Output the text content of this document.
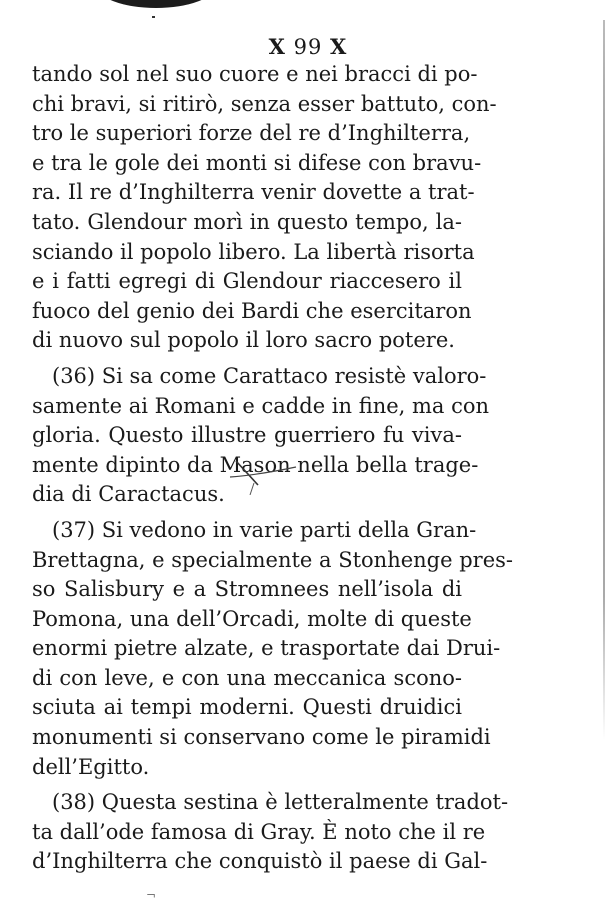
Ⅹ 99 Ⅹ
tando sol nel suo cuore e nei bracci di po-
chi bravi, si ritirò, senza esser battuto, con-
tro le superiori forze del re d’Inghilterra,
e tra le gole dei monti si difese con bravu-
ra. Il re d’Inghilterra venir dovette a trat-
tato. Glendour morì in questo tempo, la-
sciando il popolo libero. La libertà risorta
e i fatti egregi di Glendour riaccesero il
fuoco del genio dei Bardi che esercitaron
di nuovo sul popolo il loro sacro potere.
(36) Si sa come Carattaco resistè valoro-
samente ai Romani e cadde in fine, ma con
gloria. Questo illustre guerriero fu viva-
mente dipinto da Mason nella bella trage-
dia di Caractacus.
(37) Si vedono in varie parti della Gran-
Brettagna, e specialmente a Stonhenge pres-
so Salisbury e a Stromnees nell’isola di
Pomona, una dell’Orcadi, molte di queste
enormi pietre alzate, e trasportate dai Drui-
di con leve, e con una meccanica scono-
sciuta ai tempi moderni. Questi druidici
monumenti si conservano come le piramidi
dell’Egitto.
(38) Questa sestina è letteralmente tradot-
ta dall’ode famosa di Gray. È noto che il re
d’Inghilterra che conquistò il paese di Gal-
¬
